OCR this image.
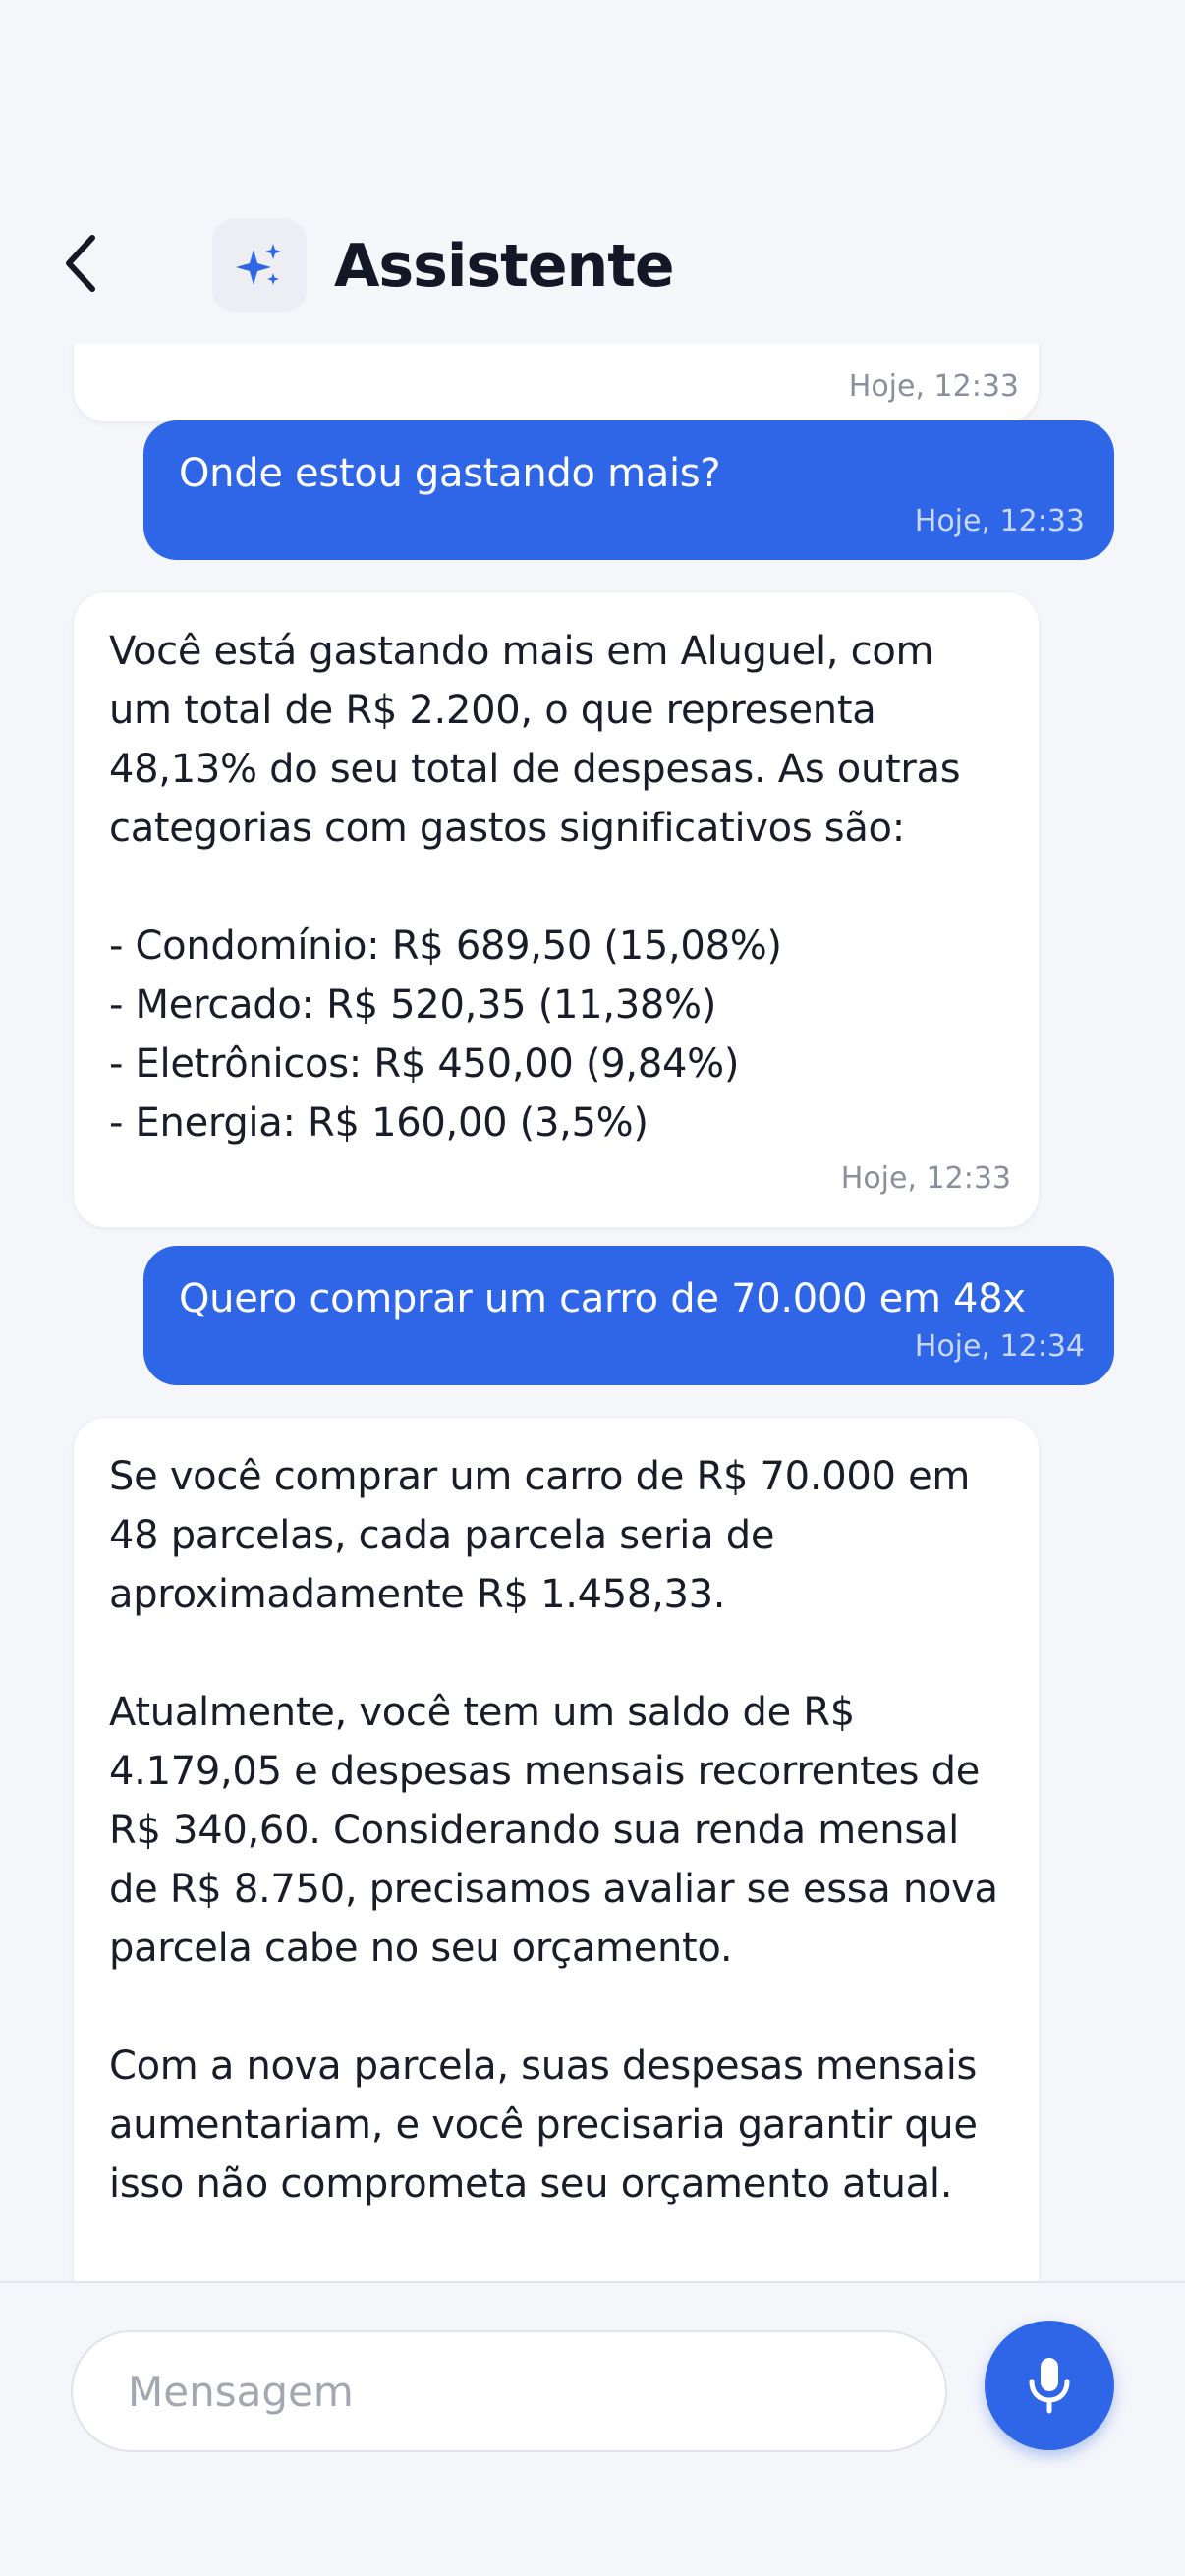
Assistente
Hoje, 12:33
Onde estou gastando mais?
Hoje, 12:33
Você está gastando mais em Aluguel, com um total de R$ 2.200, o que representa 48,13% do seu total de despesas. As outras categorias com gastos significativos são:

- Condomínio: R$ 689,50 (15,08%)
- Mercado: R$ 520,35 (11,38%)
- Eletrônicos: R$ 450,00 (9,84%)
- Energia: R$ 160,00 (3,5%)
Hoje, 12:33
Quero comprar um carro de 70.000 em 48x
Hoje, 12:34
Se você comprar um carro de R$ 70.000 em 48 parcelas, cada parcela seria de aproximadamente R$ 1.458,33.

Atualmente, você tem um saldo de R$ 4.179,05 e despesas mensais recorrentes de R$ 340,60. Considerando sua renda mensal de R$ 8.750, precisamos avaliar se essa nova parcela cabe no seu orçamento.

Com a nova parcela, suas despesas mensais aumentariam, e você precisaria garantir que isso não comprometa seu orçamento atual.

Mensagem
